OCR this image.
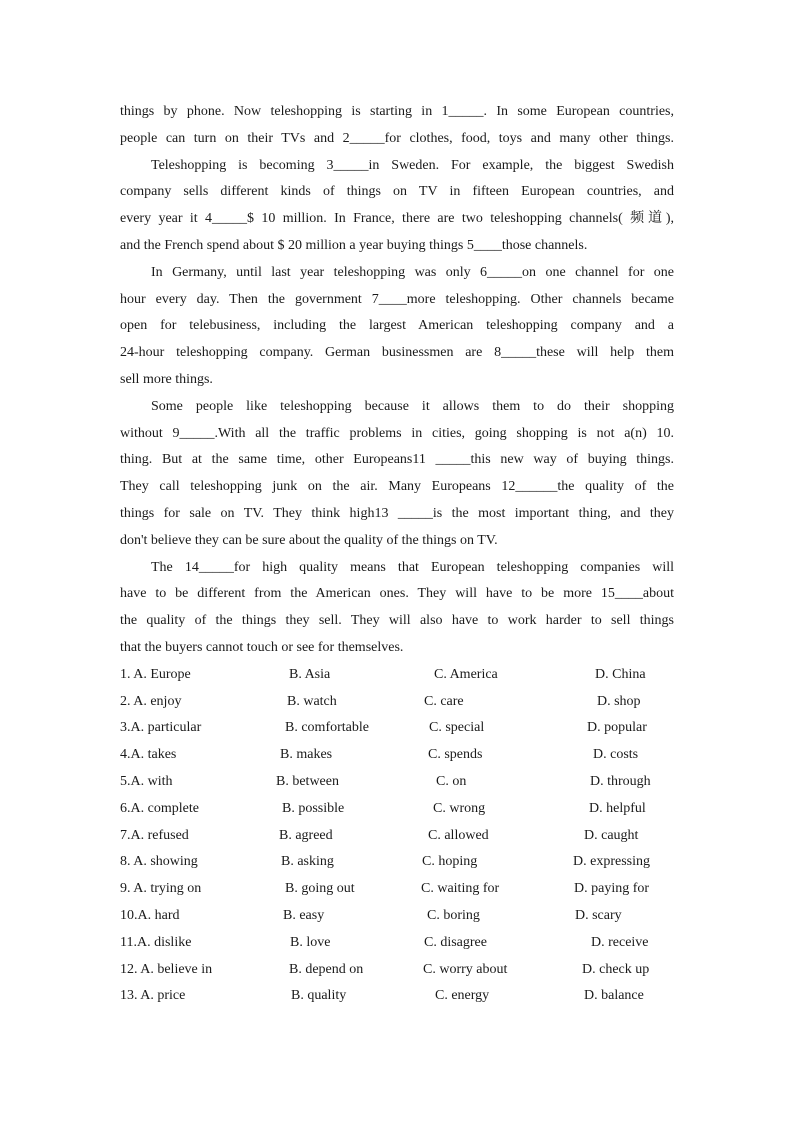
things by phone. Now teleshopping is starting in 1_____. In some European countries,
people can turn on their TVs and 2_____for clothes, food, toys and many other things.
Teleshopping is becoming 3_____in Sweden. For example, the biggest Swedish
company sells different kinds of things on TV in fifteen European countries, and
every year it 4_____$ 10 million. In France, there are two teleshopping channels( 频道),
and the French spend about $ 20 million a year buying things 5____those channels.
In Germany, until last year teleshopping was only 6_____on one channel for one
hour every day. Then the government 7____more teleshopping. Other channels became
open for telebusiness, including the largest American teleshopping company and a
24-hour teleshopping company. German businessmen are 8_____these will help them
sell more things.
Some people like teleshopping because it allows them to do their shopping
without 9_____.With all the traffic problems in cities, going shopping is not a(n) 10.
thing. But at the same time, other Europeans11 _____this new way of buying things.
They call teleshopping junk on the air. Many Europeans 12______the quality of the
things for sale on TV. They think high13 _____is the most important thing, and they
don't believe they can be sure about the quality of the things on TV.
The 14_____for high quality means that European teleshopping companies will
have to be different from the American ones. They will have to be more 15____about
the quality of the things they sell. They will also have to work harder to sell things
that the buyers cannot touch or see for themselves.
1. A. Europe	B. Asia	C. America	D. China
2. A. enjoy	B. watch	C. care	D. shop
3.A. particular	B. comfortable	C. special	D. popular
4.A. takes	B. makes	C. spends	D. costs
5.A. with	B. between	C. on	D. through
6.A. complete	B. possible	C. wrong	D. helpful
7.A. refused	B. agreed	C. allowed	D. caught
8. A. showing	B. asking	C. hoping	D. expressing
9. A. trying on	B. going out	C. waiting for	D. paying for
10.A. hard	B. easy	C. boring	D. scary
11.A. dislike	B. love	C. disagree	D. receive
12. A. believe in	B. depend on	C. worry about	D. check up
13. A. price	B. quality	C. energy	D. balance
